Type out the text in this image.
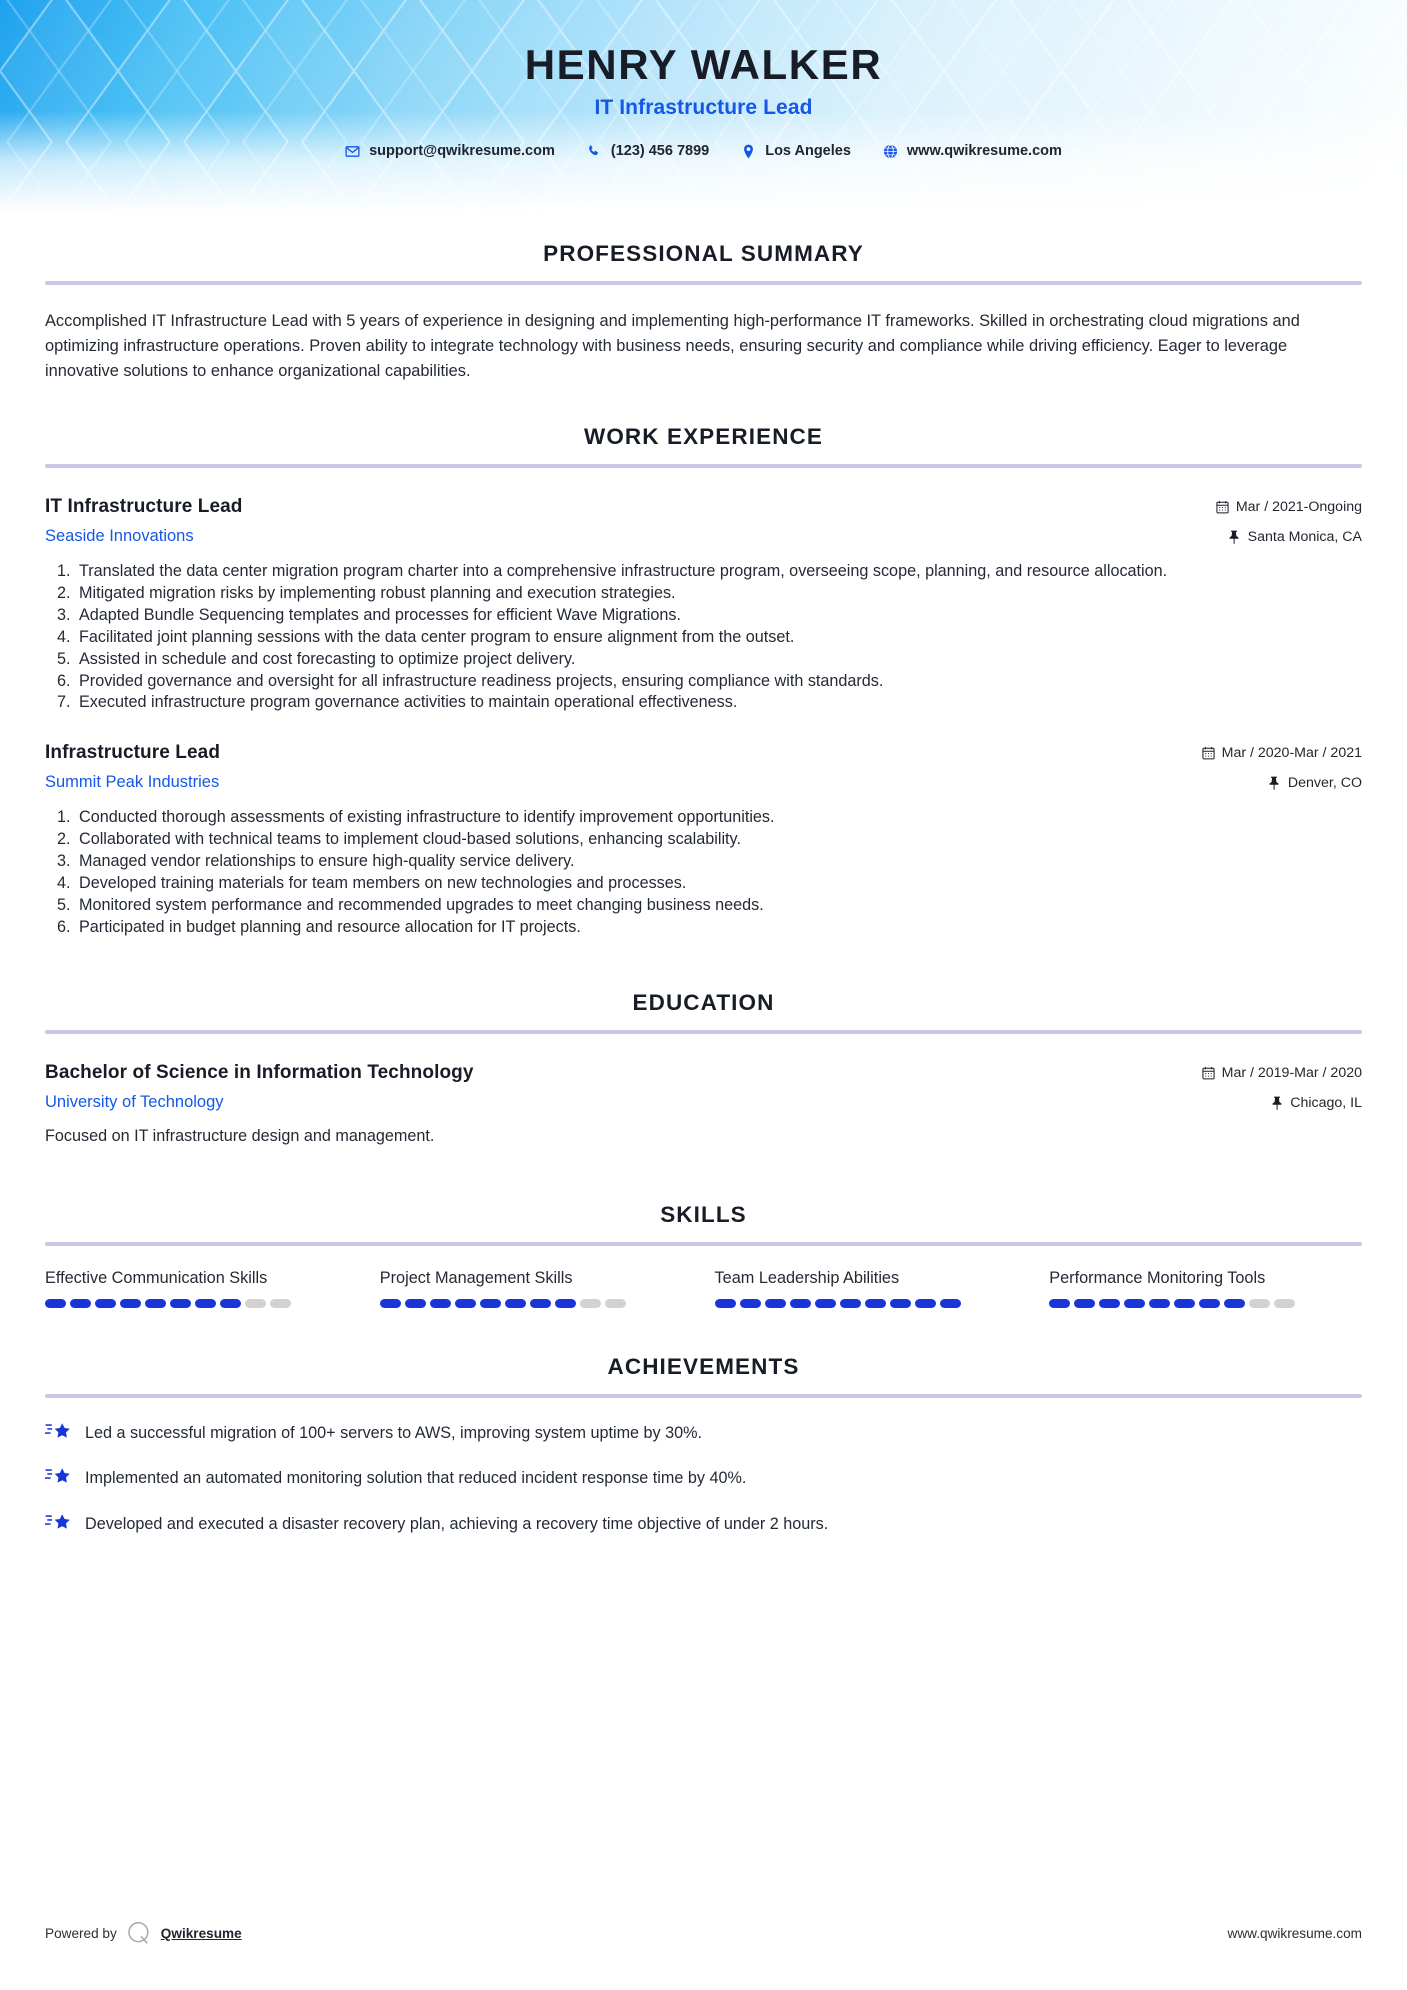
HENRY WALKER
IT Infrastructure Lead
support@qwikresume.com	(123) 456 7899	Los Angeles	www.qwikresume.com
PROFESSIONAL SUMMARY

Accomplished IT Infrastructure Lead with 5 years of experience in designing and implementing high-performance IT frameworks. Skilled in orchestrating cloud migrations and optimizing infrastructure operations. Proven ability to integrate technology with business needs, ensuring security and compliance while driving efficiency. Eager to leverage innovative solutions to enhance organizational capabilities.

WORK EXPERIENCE
IT Infrastructure Lead
Seaside Innovations
Mar / 2021-Ongoing
Santa Monica, CA
1. Translated the data center migration program charter into a comprehensive infrastructure program, overseeing scope, planning, and resource allocation.
2. Mitigated migration risks by implementing robust planning and execution strategies.
3. Adapted Bundle Sequencing templates and processes for efficient Wave Migrations.
4. Facilitated joint planning sessions with the data center program to ensure alignment from the outset.
5. Assisted in schedule and cost forecasting to optimize project delivery.
6. Provided governance and oversight for all infrastructure readiness projects, ensuring compliance with standards.
7. Executed infrastructure program governance activities to maintain operational effectiveness.
Infrastructure Lead
Summit Peak Industries
Mar / 2020-Mar / 2021
Denver, CO
1. Conducted thorough assessments of existing infrastructure to identify improvement opportunities.
2. Collaborated with technical teams to implement cloud-based solutions, enhancing scalability.
3. Managed vendor relationships to ensure high-quality service delivery.
4. Developed training materials for team members on new technologies and processes.
5. Monitored system performance and recommended upgrades to meet changing business needs.
6. Participated in budget planning and resource allocation for IT projects.
EDUCATION
Bachelor of Science in Information Technology
University of Technology
Mar / 2019-Mar / 2020
Chicago, IL
Focused on IT infrastructure design and management.
SKILLS
Effective Communication Skills	Project Management Skills	Team Leadership Abilities	Performance Monitoring Tools
ACHIEVEMENTS
Led a successful migration of 100+ servers to AWS, improving system uptime by 30%.
Implemented an automated monitoring solution that reduced incident response time by 40%.
Developed and executed a disaster recovery plan, achieving a recovery time objective of under 2 hours.
Powered by	Qwikresume	www.qwikresume.com
